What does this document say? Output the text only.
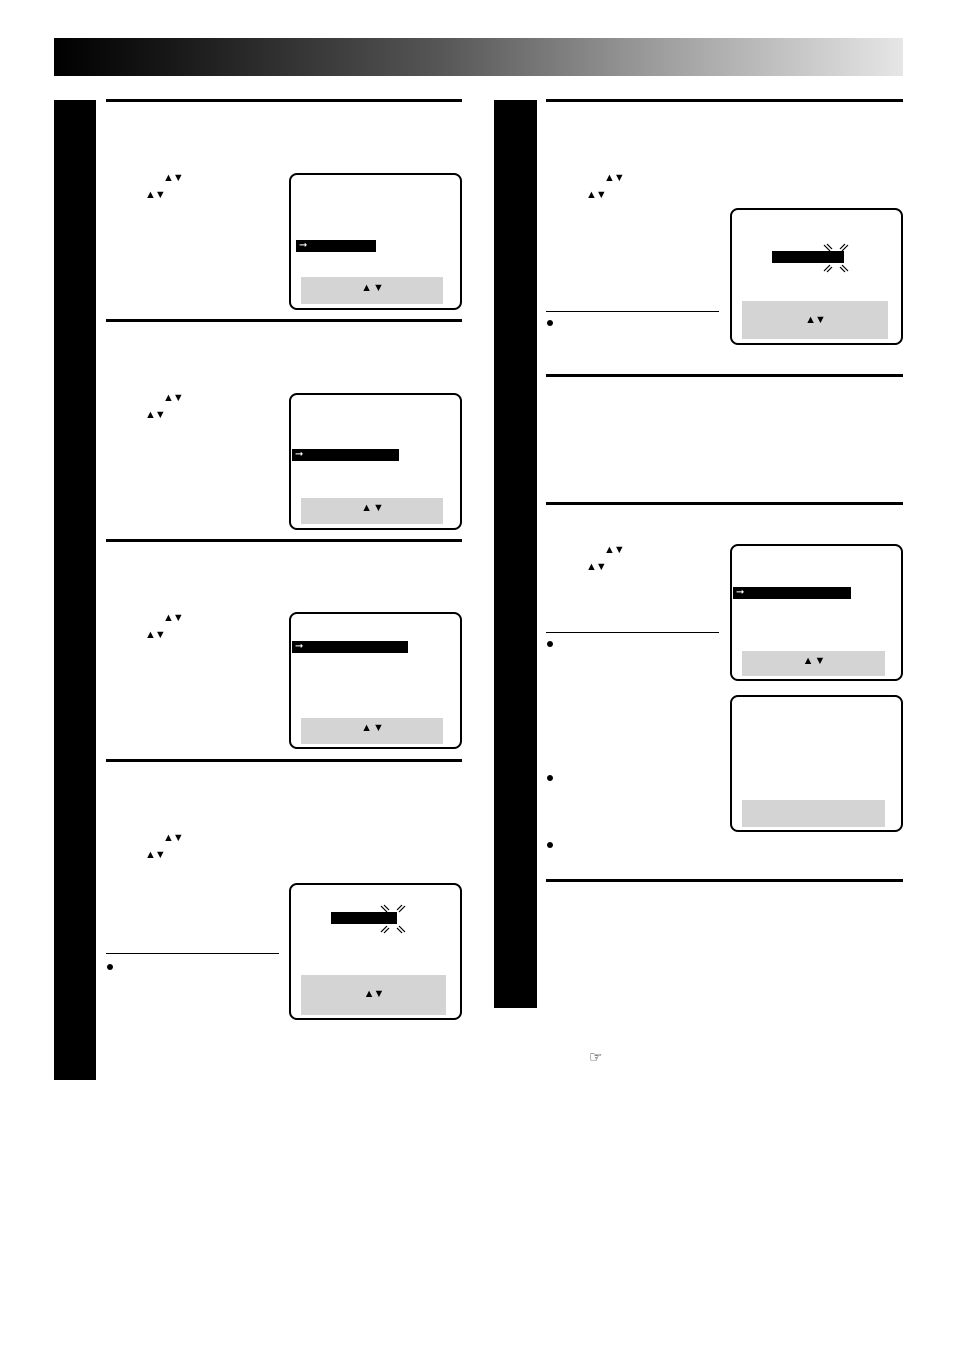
▲▼
▲▼
➞
▲ ▼
▲▼
▲▼
➞
▲ ▼
▲▼
▲▼
➞
▲ ▼
▲▼
▲▼
▲▼
▲▼
▲▼
▲▼
▲▼
▲▼
➞
▲ ▼
☞
